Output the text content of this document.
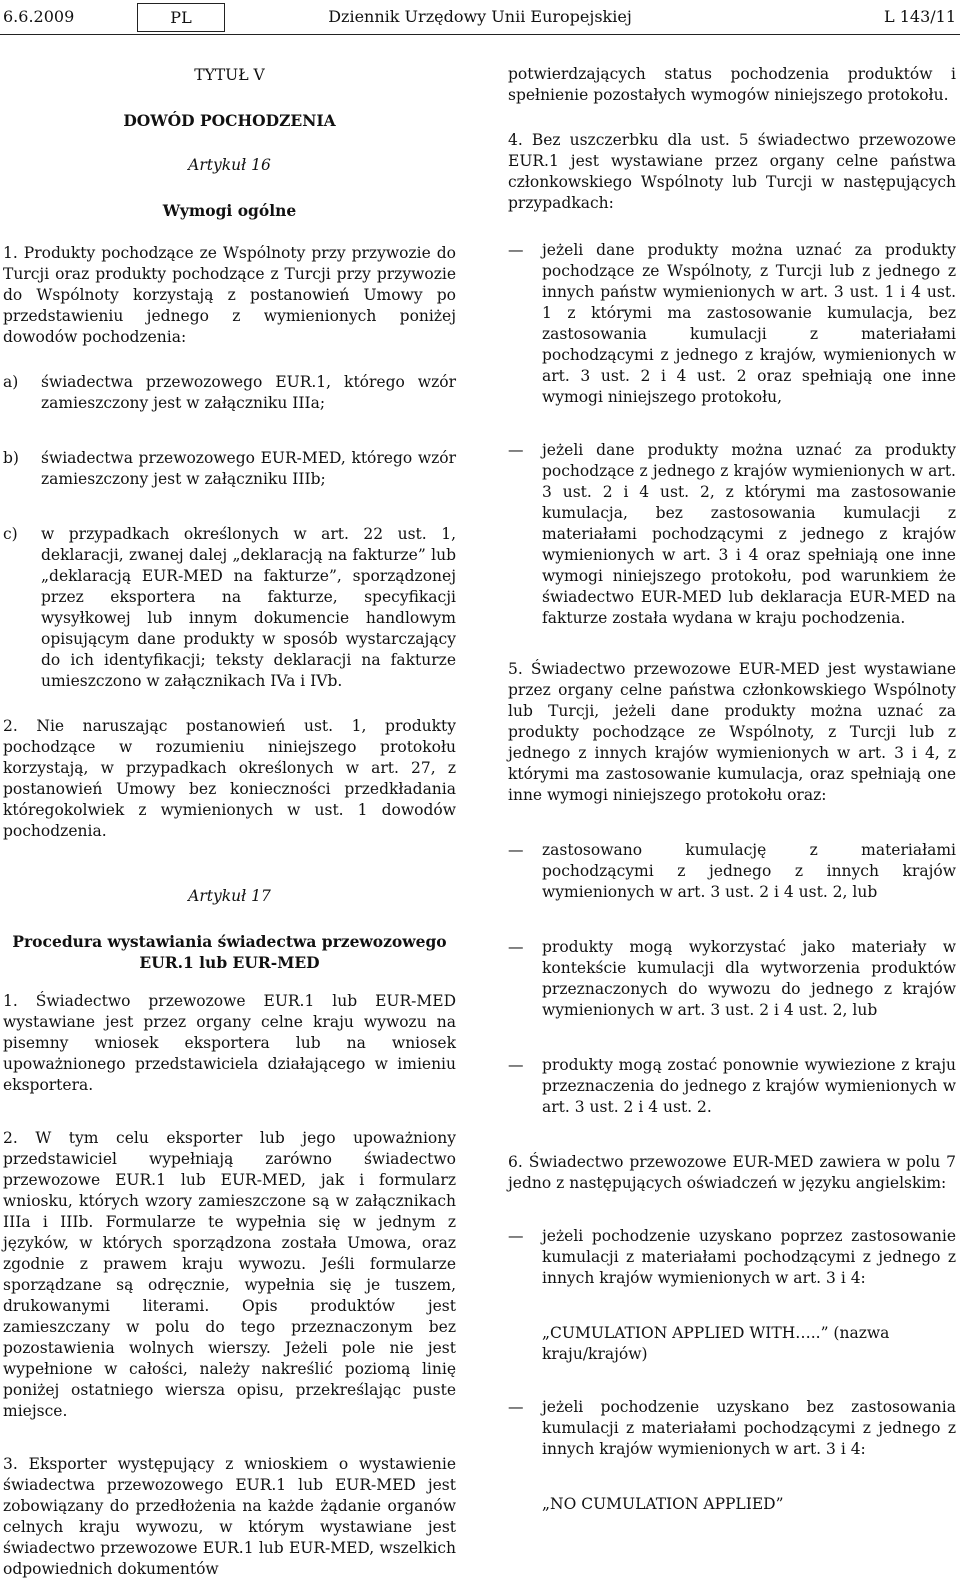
6.6.2009	Dziennik Urzędowy Unii Europejskiej
PL	L 143/11

TYTUŁ V

DOWÓD POCHODZENIA

Artykuł 16

Wymogi ogólne

1. Produkty pochodzące ze Wspólnoty przy przywozie do Turcji oraz produkty pochodzące z Turcji przy przywozie do Wspólnoty korzystają z postanowień Umowy po przedstawieniu jednego z wymienionych poniżej dowodów pochodzenia:

a)	świadectwa przewozowego EUR.1, którego wzór zamieszczony jest w załączniku IIIa;
b)	świadectwa przewozowego EUR-MED, którego wzór zamieszczony jest w załączniku IIIb;
c)	w przypadkach określonych w art. 22 ust. 1, deklaracji, zwanej dalej „deklaracją na fakturze” lub „deklaracją EUR-MED na fakturze”, sporządzonej przez eksportera na fakturze, specyfikacji wysyłkowej lub innym dokumencie handlowym opisującym dane produkty w sposób wystarczający do ich identyfikacji; teksty deklaracji na fakturze umieszczono w załącznikach IVa i IVb.

2. Nie naruszając postanowień ust. 1, produkty pochodzące w rozumieniu niniejszego protokołu korzystają, w przypadkach określonych w art. 27, z postanowień Umowy bez konieczności przedkładania któregokolwiek z wymienionych w ust. 1 dowodów pochodzenia.

Artykuł 17

Procedura wystawiania świadectwa przewozowego EUR.1 lub EUR-MED

1. Świadectwo przewozowe EUR.1 lub EUR-MED wystawiane jest przez organy celne kraju wywozu na pisemny wniosek eksportera lub na wniosek upoważnionego przedstawiciela działającego w imieniu eksportera.

2. W tym celu eksporter lub jego upoważniony przedstawiciel wypełniają zarówno świadectwo przewozowe EUR.1 lub EUR-MED, jak i formularz wniosku, których wzory zamieszczone są w załącznikach IIIa i IIIb. Formularze te wypełnia się w jednym z języków, w których sporządzona została Umowa, oraz zgodnie z prawem kraju wywozu. Jeśli formularze sporządzane są odręcznie, wypełnia się je tuszem, drukowanymi literami. Opis produktów jest zamieszczany w polu do tego przeznaczonym bez pozostawienia wolnych wierszy. Jeżeli pole nie jest wypełnione w całości, należy nakreślić poziomą linię poniżej ostatniego wiersza opisu, przekreślając puste miejsce.

3. Eksporter występujący z wnioskiem o wystawienie świadectwa przewozowego EUR.1 lub EUR-MED jest zobowiązany do przedłożenia na każde żądanie organów celnych kraju wywozu, w którym wystawiane jest świadectwo przewozowe EUR.1 lub EUR-MED, wszelkich odpowiednich dokumentów

potwierdzających status pochodzenia produktów i spełnienie pozostałych wymogów niniejszego protokołu.

4. Bez uszczerbku dla ust. 5 świadectwo przewozowe EUR.1 jest wystawiane przez organy celne państwa członkowskiego Wspólnoty lub Turcji w następujących przypadkach:

—	jeżeli dane produkty można uznać za produkty pochodzące ze Wspólnoty, z Turcji lub z jednego z innych państw wymienionych w art. 3 ust. 1 i 4 ust. 1 z którymi ma zastosowanie kumulacja, bez zastosowania kumulacji z materiałami pochodzącymi z jednego z krajów, wymienionych w art. 3 ust. 2 i 4 ust. 2 oraz spełniają one inne wymogi niniejszego protokołu,
—	jeżeli dane produkty można uznać za produkty pochodzące z jednego z krajów wymienionych w art. 3 ust. 2 i 4 ust. 2, z którymi ma zastosowanie kumulacja, bez zastosowania kumulacji z materiałami pochodzącymi z jednego z krajów wymienionych w art. 3 i 4 oraz spełniają one inne wymogi niniejszego protokołu, pod warunkiem że świadectwo EUR-MED lub deklaracja EUR-MED na fakturze została wydana w kraju pochodzenia.

5. Świadectwo przewozowe EUR-MED jest wystawiane przez organy celne państwa członkowskiego Wspólnoty lub Turcji, jeżeli dane produkty można uznać za produkty pochodzące ze Wspólnoty, z Turcji lub z jednego z innych krajów wymienionych w art. 3 i 4, z którymi ma zastosowanie kumulacja, oraz spełniają one inne wymogi niniejszego protokołu oraz:

—	zastosowano kumulację z materiałami pochodzącymi z jednego z innych krajów wymienionych w art. 3 ust. 2 i 4 ust. 2, lub
—	produkty mogą wykorzystać jako materiały w kontekście kumulacji dla wytworzenia produktów przeznaczonych do wywozu do jednego z krajów wymienionych w art. 3 ust. 2 i 4 ust. 2, lub
—	produkty mogą zostać ponownie wywiezione z kraju przeznaczenia do jednego z krajów wymienionych w art. 3 ust. 2 i 4 ust. 2.

6. Świadectwo przewozowe EUR-MED zawiera w polu 7 jedno z następujących oświadczeń w języku angielskim:

—	jeżeli pochodzenie uzyskano poprzez zastosowanie kumulacji z materiałami pochodzącymi z jednego z innych krajów wymienionych w art. 3 i 4:

„CUMULATION APPLIED WITH…..” (nazwa kraju/krajów)

—	jeżeli pochodzenie uzyskano bez zastosowania kumulacji z materiałami pochodzącymi z jednego z innych krajów wymienionych w art. 3 i 4:

„NO CUMULATION APPLIED”
